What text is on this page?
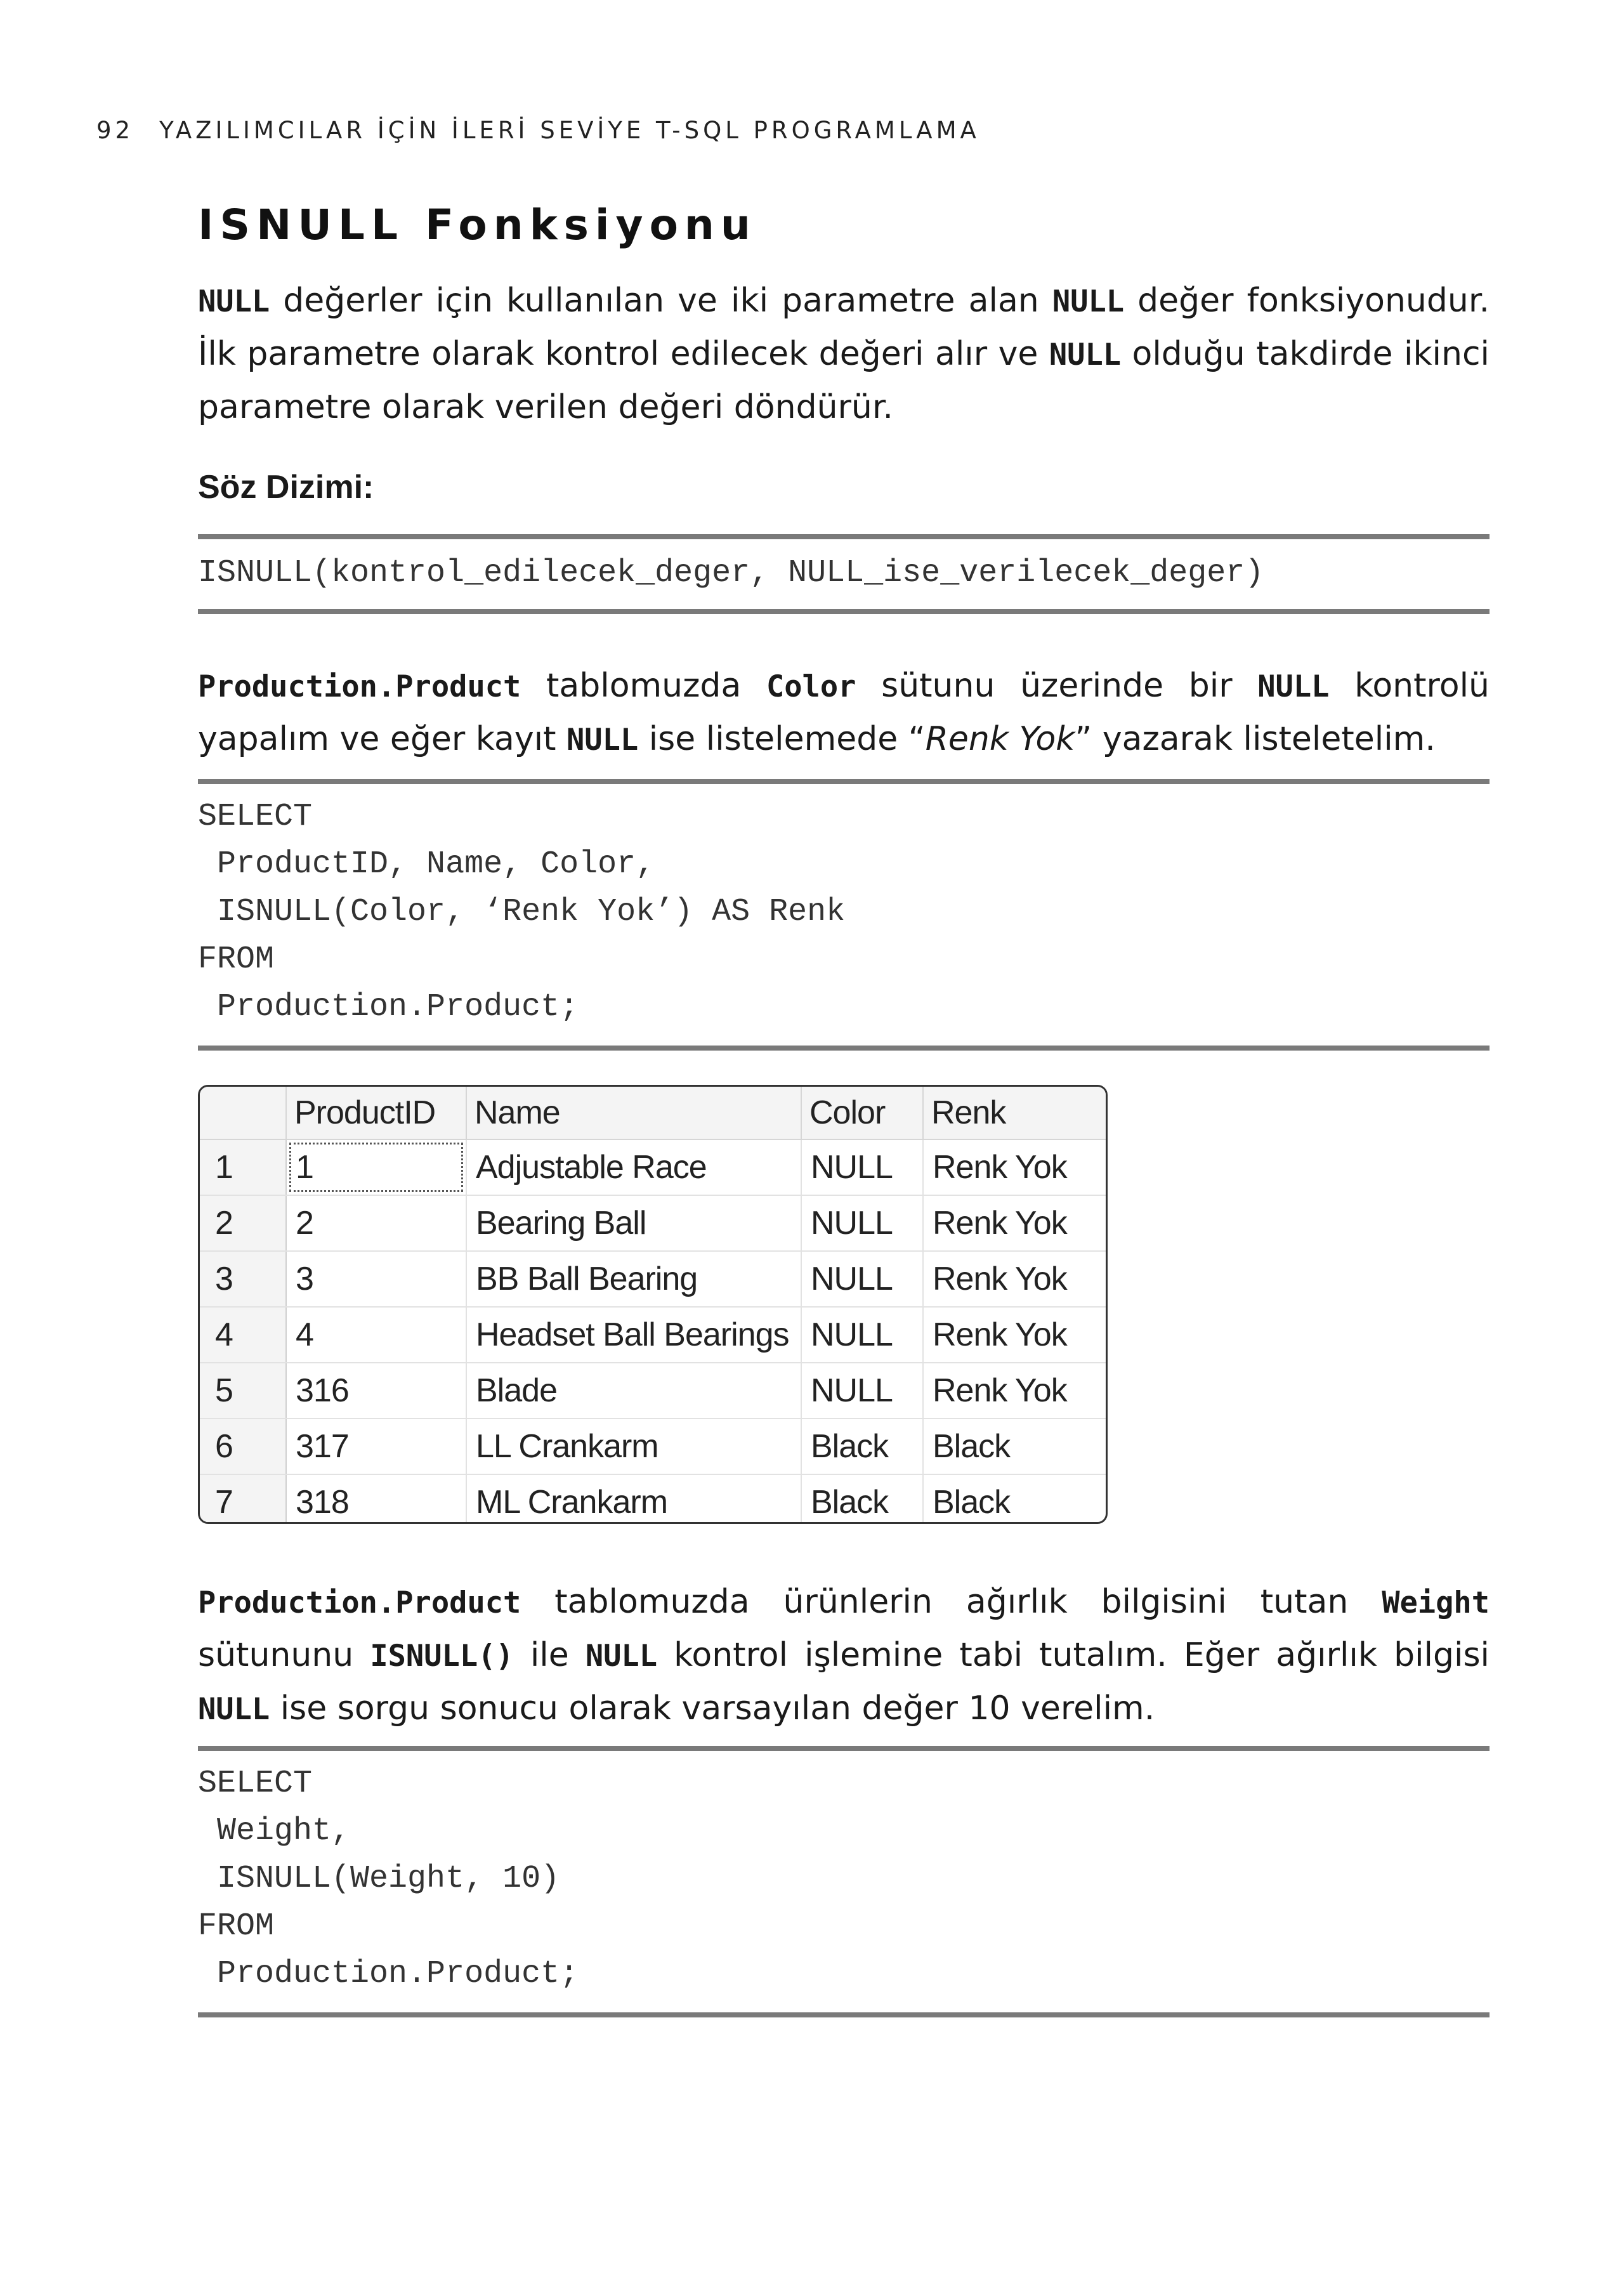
92 YAZILIMCILAR İÇİN İLERİ SEVİYE T-SQL PROGRAMLAMA
ISNULL Fonksiyonu
NULL değerler için kullanılan ve iki parametre alan NULL değer fonksiyonudur. İlk parametre olarak kontrol edilecek değeri alır ve NULL olduğu takdirde ikinci parametre olarak verilen değeri döndürür.
Söz Dizimi:
ISNULL(kontrol_edilecek_deger, NULL_ise_verilecek_deger)
Production.Product tablomuzda Color sütunu üzerinde bir NULL kontrolü yapalım ve eğer kayıt NULL ise listelemede “Renk Yok” yazarak listeletelim.
SELECT
ProductID, Name, Color,
ISNULL(Color, ‘Renk Yok’) AS Renk
FROM
Production.Product;
	ProductID	Name	Color	Renk
1	1	Adjustable Race	NULL	Renk Yok
2	2	Bearing Ball	NULL	Renk Yok
3	3	BB Ball Bearing	NULL	Renk Yok
4	4	Headset Ball Bearings	NULL	Renk Yok
5	316	Blade	NULL	Renk Yok
6	317	LL Crankarm	Black	Black
7	318	ML Crankarm	Black	Black
Production.Product tablomuzda ürünlerin ağırlık bilgisini tutan Weight sütununu ISNULL() ile NULL kontrol işlemine tabi tutalım. Eğer ağırlık bilgisi NULL ise sorgu sonucu olarak varsayılan değer 10 verelim.
SELECT
Weight,
ISNULL(Weight, 10)
FROM
Production.Product;
